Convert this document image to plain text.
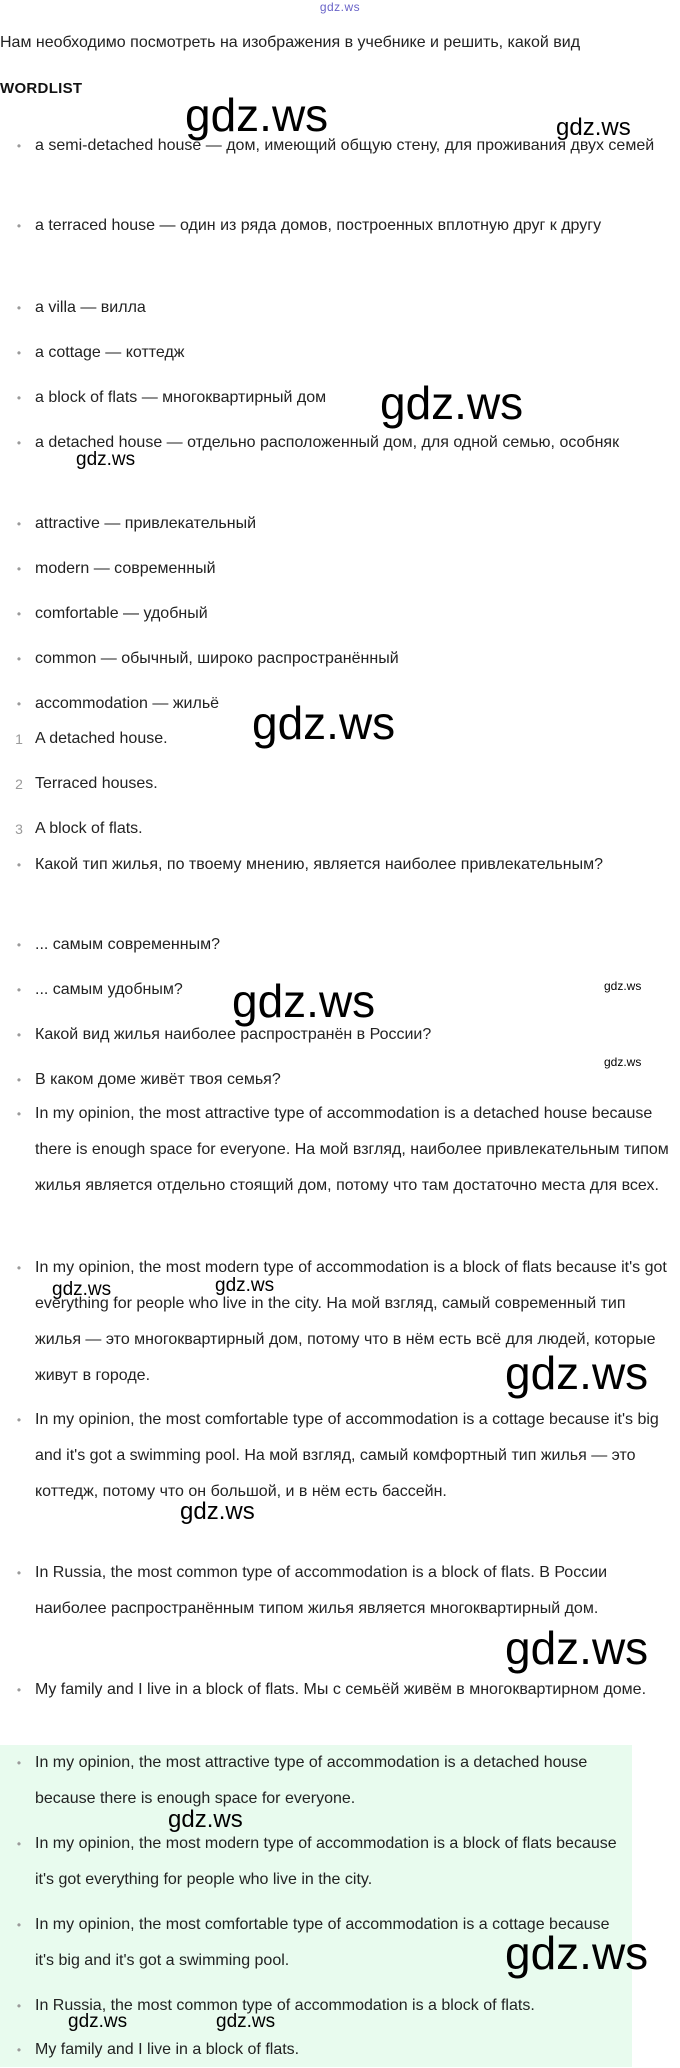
gdz.ws
Нам необходимо посмотреть на изображения в учебнике и решить, какой вид
WORDLIST
• a semi-detached house — дом, имеющий общую стену, для проживания двух семей
• a terraced house — один из ряда домов, построенных вплотную друг к другу
• a villa — вилла
• a cottage — коттедж
• a block of flats — многоквартирный дом
• a detached house — отдельно расположенный дом, для одной семью, особняк
• attractive — привлекательный
• modern — современный
• comfortable — удобный
• common — обычный, широко распространённый
• accommodation — жильё
1 A detached house.
2 Terraced houses.
3 A block of flats.
• Какой тип жилья, по твоему мнению, является наиболее привлекательным?
• ... самым современным?
• ... самым удобным?
• Какой вид жилья наиболее распространён в России?
• В каком доме живёт твоя семья?
• In my opinion, the most attractive type of accommodation is a detached house because there is enough space for everyone. На мой взгляд, наиболее привлекательным типом жилья является отдельно стоящий дом, потому что там достаточно места для всех.
• In my opinion, the most modern type of accommodation is a block of flats because it's got everything for people who live in the city. На мой взгляд, самый современный тип жилья — это многоквартирный дом, потому что в нём есть всё для людей, которые живут в городе.
• In my opinion, the most comfortable type of accommodation is a cottage because it's big and it's got a swimming pool. На мой взгляд, самый комфортный тип жилья — это коттедж, потому что он большой, и в нём есть бассейн.
• In Russia, the most common type of accommodation is a block of flats. В России наиболее распространённым типом жилья является многоквартирный дом.
• My family and I live in a block of flats. Мы с семьёй живём в многоквартирном доме.
• In my opinion, the most attractive type of accommodation is a detached house because there is enough space for everyone.
• In my opinion, the most modern type of accommodation is a block of flats because it's got everything for people who live in the city.
• In my opinion, the most comfortable type of accommodation is a cottage because it's big and it's got a swimming pool.
• In Russia, the most common type of accommodation is a block of flats.
• My family and I live in a block of flats.
gdz.ws	gdz.ws
gdz.ws
gdz.ws
gdz.ws
gdz.ws	gdz.ws
gdz.ws
gdz.ws	gdz.ws
gdz.ws
gdz.ws
gdz.ws
gdz.ws
gdz.ws
gdz.ws	gdz.ws
